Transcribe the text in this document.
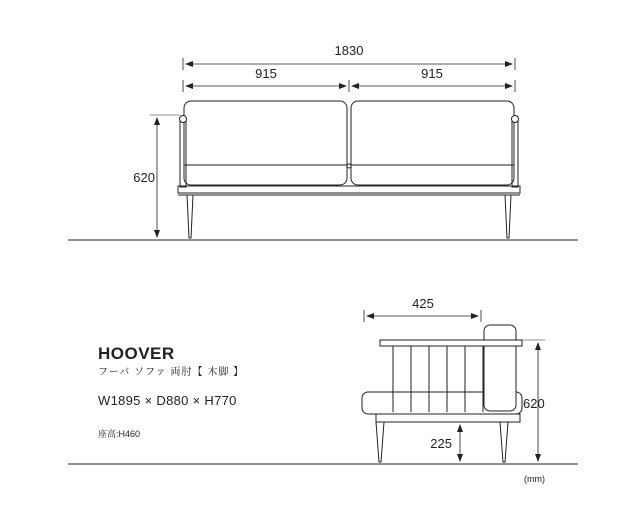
1830
915	915
620
425
620
225
(mm)
HOOVER
フーバ ソファ 両肘【 木脚 】
W1895 × D880 × H770
座高:H460
